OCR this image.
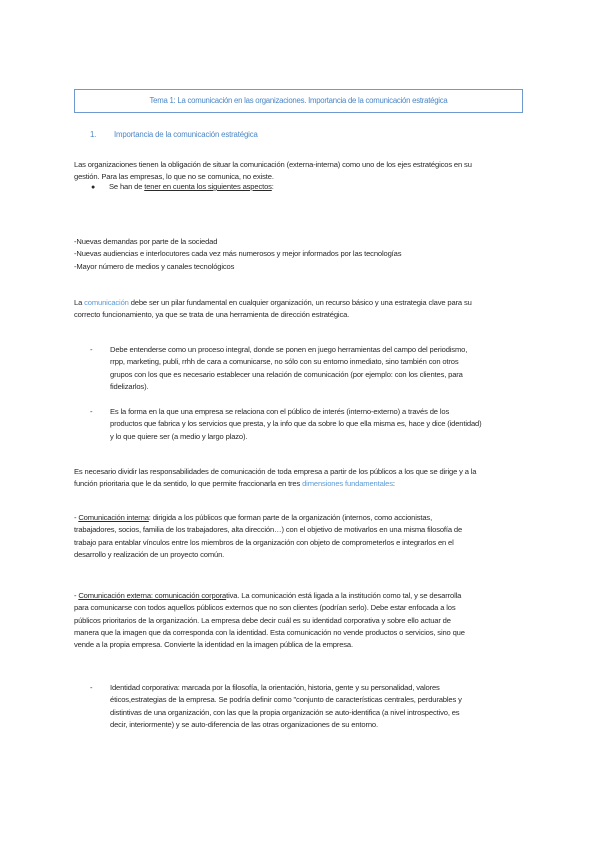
Tema 1: La comunicación en las organizaciones. Importancia de la comunicación estratégica
1. Importancia de la comunicación estratégica
Las organizaciones tienen la obligación de situar la comunicación (externa-interna) como uno de los ejes estratégicos en su
gestión. Para las empresas, lo que no se comunica, no existe.
● Se han de tener en cuenta los siguientes aspectos:
-Nuevas demandas por parte de la sociedad
-Nuevas audiencias e interlocutores cada vez más numerosos y mejor informados por las tecnologías
-Mayor número de medios y canales tecnológicos
La comunicación debe ser un pilar fundamental en cualquier organización, un recurso básico y una estrategia clave para su
correcto funcionamiento, ya que se trata de una herramienta de dirección estratégica.
-	Debe entenderse como un proceso integral, donde se ponen en juego herramientas del campo del periodismo,
rrpp, marketing, publi, rrhh de cara a comunicarse, no sólo con su entorno inmediato, sino también con otros
grupos con los que es necesario establecer una relación de comunicación (por ejemplo: con los clientes, para
fidelizarlos).
-	Es la forma en la que una empresa se relaciona con el público de interés (interno-externo) a través de los
productos que fabrica y los servicios que presta, y la info que da sobre lo que ella misma es, hace y dice (identidad)
y lo que quiere ser (a medio y largo plazo).
Es necesario dividir las responsabilidades de comunicación de toda empresa a partir de los públicos a los que se dirige y a la
función prioritaria que le da sentido, lo que permite fraccionarla en tres dimensiones fundamentales:
- Comunicación interna: dirigida a los públicos que forman parte de la organización (internos, como accionistas,
trabajadores, socios, familia de los trabajadores, alta dirección…) con el objetivo de motivarlos en una misma filosofía de
trabajo para entablar vínculos entre los miembros de la organización con objeto de comprometerlos e integrarlos en el
desarrollo y realización de un proyecto común.
- Comunicación externa: comunicación corporativa. La comunicación está ligada a la institución como tal, y se desarrolla
para comunicarse con todos aquellos públicos externos que no son clientes (podrían serlo). Debe estar enfocada a los
públicos prioritarios de la organización. La empresa debe decir cuál es su identidad corporativa y sobre ello actuar de
manera que la imagen que da corresponda con la identidad. Esta comunicación no vende productos o servicios, sino que
vende a la propia empresa. Convierte la identidad en la imagen pública de la empresa.
-	Identidad corporativa: marcada por la filosofía, la orientación, historia, gente y su personalidad, valores
éticos,estrategias de la empresa. Se podría definir como "conjunto de características centrales, perdurables y
distintivas de una organización, con las que la propia organización se auto-identifica (a nivel introspectivo, es
decir, interiormente) y se auto-diferencia de las otras organizaciones de su entorno.
